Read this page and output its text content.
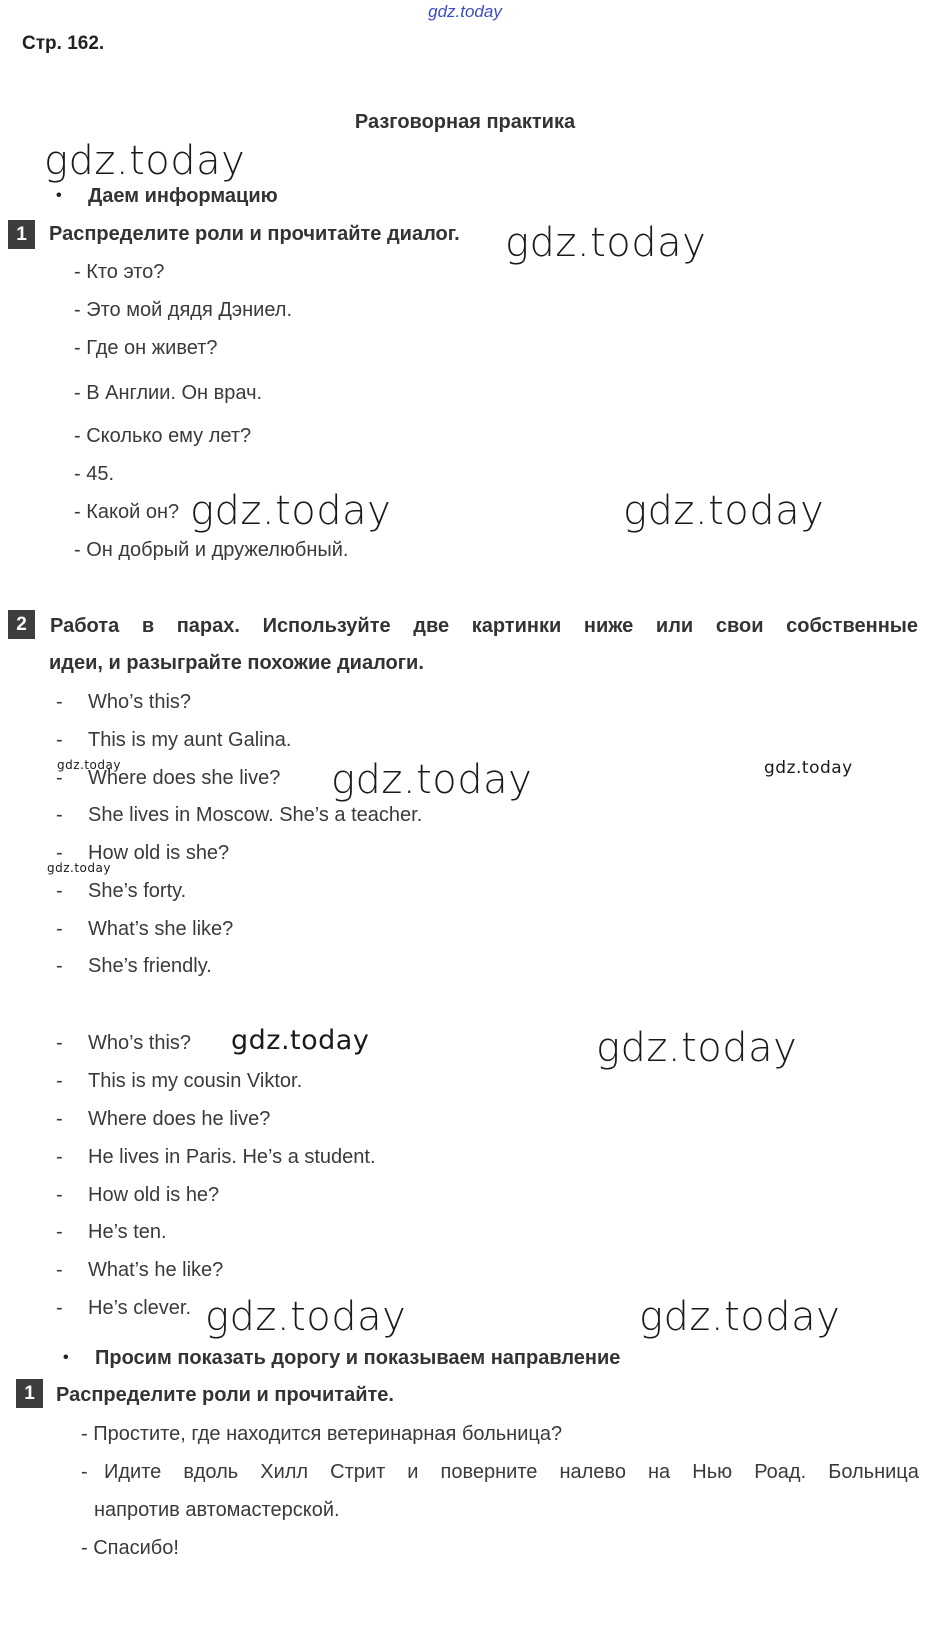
gdz.today
Стр. 162.
Разговорная практика
gdz.today
• Даем информацию
1	Распределите роли и прочитайте диалог. gdz.today
- Кто это?
- Это мой дядя Дэниел.
- Где он живет?
- В Англии. Он врач.
- Сколько ему лет?
- 45.
- Какой он?
- Он добрый и дружелюбный.
gdz.today	gdz.today
2	Работа в парах. Используйте две картинки ниже или свои собственные
идеи, и разыграйте похожие диалоги.
- Who’s this?
- This is my aunt Galina.
- Where does she live?
- She lives in Moscow. She’s a teacher.
- How old is she?
- She’s forty.
- What’s she like?
- She’s friendly.
gdz.today	gdz.today	gdz.today
gdz.today
- Who’s this?
- This is my cousin Viktor.
- Where does he live?
- He lives in Paris. He’s a student.
- How old is he?
- He’s ten.
- What’s he like?
- He’s clever.
gdz.today	gdz.today
gdz.today	gdz.today
• Просим показать дорогу и показываем направление
1	Распределите роли и прочитайте.
- Простите, где находится ветеринарная больница?
- Идите вдоль Хилл Стрит и поверните налево на Нью Роад. Больница
напротив автомастерской.
- Спасибо!
